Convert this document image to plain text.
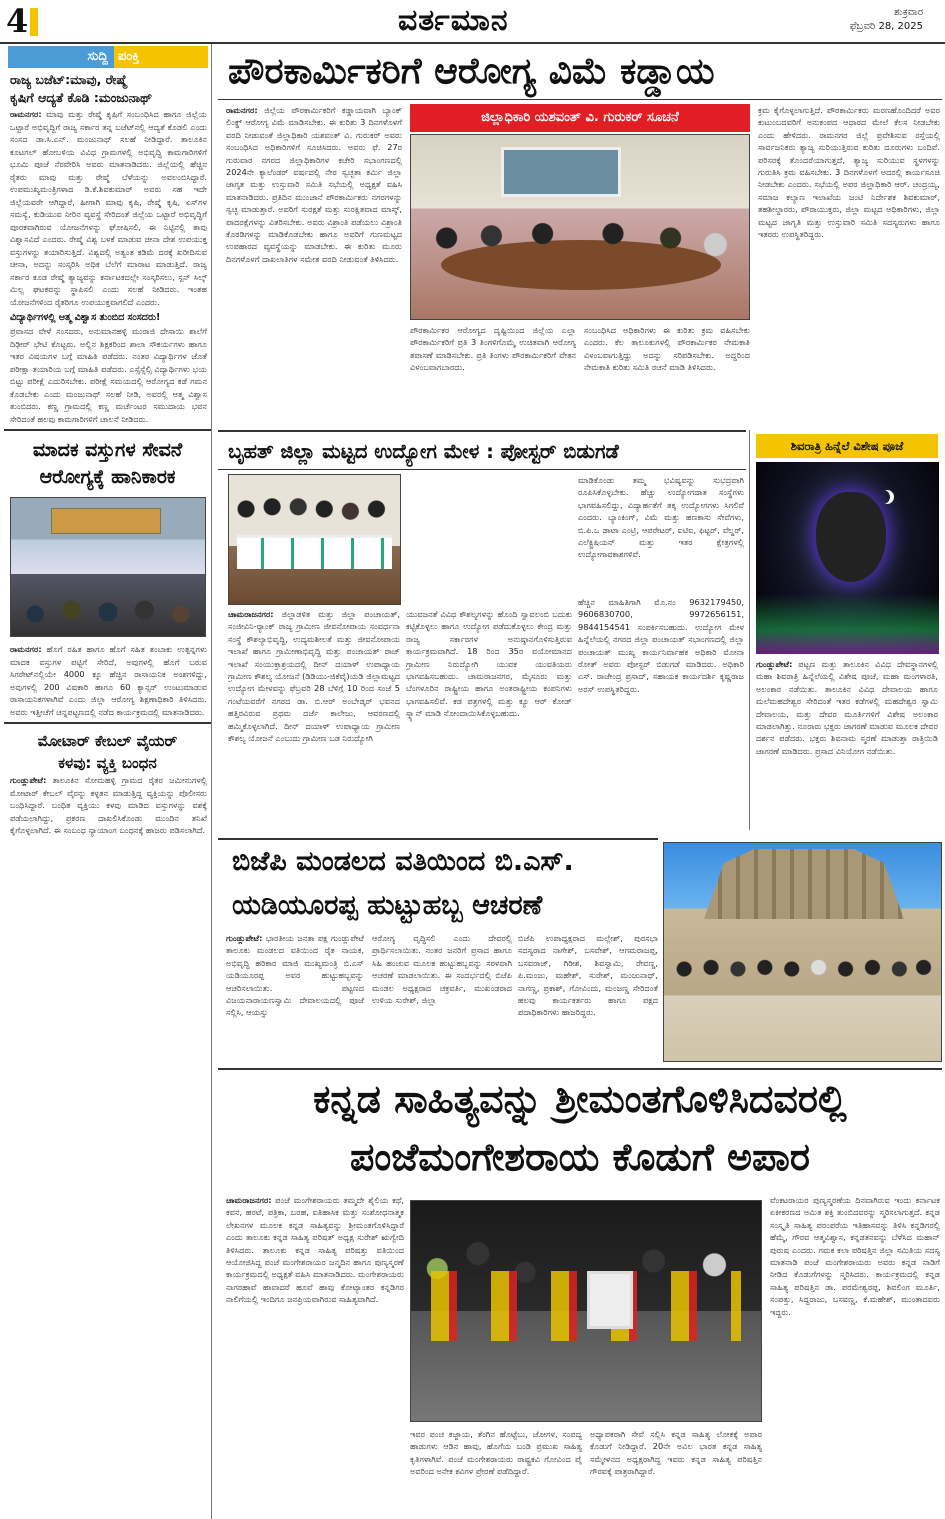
4	ವರ್ತಮಾನ	ಶುಕ್ರವಾರ
ಫೆಬ್ರವರಿ 28, 2025
ಸುದ್ದಿ ಪಂಕ್ತಿ
ರಾಜ್ಯ ಬಜೆಟ್:ಮಾವು, ರೇಷ್ಮೆ
ಕೃಷಿಗೆ ಆದ್ಯತೆ ಕೊಡಿ :ಮಂಜುನಾಥ್
ರಾಮನಗರ: ಮಾವು ಮತ್ತು ರೇಷ್ಮೆ ಕೃಷಿಗೆ ಸಂಬಂಧಿಸಿದ ಹಾಗೂ ಜಿಲ್ಲೆಯ ಒಟ್ಟಾರೆ ಅಭಿವೃದ್ಧಿಗೆ ರಾಜ್ಯ ಸರ್ಕಾರ ತನ್ನ ಬಜೆಟ್‌ನಲ್ಲಿ ಆದ್ಯತೆ ಕೊಡಲಿ ಎಂದು ಸಂಸದ ಡಾ.ಸಿ.ಎನ್. ಮಂಜುನಾಥ್ ಸಲಹೆ ನೀಡಿದ್ದಾರೆ. ತಾಲೂಕಿನ ಕೂಟಗಲ್ ಹೋಬಳಿಯ ವಿವಿಧ ಗ್ರಾಮಗಳಲ್ಲಿ ಅಭಿವೃದ್ಧಿ ಕಾಮಗಾರಿಗಳಿಗೆ ಭೂಮಿ ಪೂಜೆ ನೆರವೇರಿಸಿ ಅವರು ಮಾತನಾಡಿದರು. ಜಿಲ್ಲೆಯಲ್ಲಿ ಹೆಚ್ಚಿನ ರೈತರು ಮಾವು ಮತ್ತು ರೇಷ್ಮೆ ಬೆಳೆಯನ್ನು ಅವಲಂಬಿಸಿದ್ದಾರೆ. ಉಪಮುಖ್ಯಮಂತ್ರಿಗಳಾದ ಡಿ.ಕೆ.ಶಿವಕುಮಾರ್ ಅವರು ಸಹ ಇದೇ ಜಿಲ್ಲೆಯವರೇ ಆಗಿದ್ದಾರೆ, ಹೀಗಾಗಿ ಮಾವು ಕೃಷಿ, ರೇಷ್ಮೆ ಕೃಷಿ, ಏಸ್‌ಗಳ ಸಮಸ್ಯೆ, ಕುಡಿಯುವ ನೀರಿನ ವ್ಯವಸ್ಥೆ ಸೇರಿದಂತೆ ಜಿಲ್ಲೆಯ ಒಟ್ಟಾರೆ ಅಭಿವೃದ್ಧಿಗೆ ಪೂರಕವಾಗಿರುವ ಯೋಜನೆಗಳನ್ನು ಘೋಷಿಸಲಿ, ಈ ನಿಟ್ಟಿನಲ್ಲಿ ತಾವು ವಿಶ್ವಾಸವಿದೆ ಎಂದರು. ರೇಷ್ಮೆ ವಿಶ್ವ ಬಳಕೆ ಮಾಡುವ ಚೀನಾ ದೇಶ ಉಪಯುಕ್ತ ವಸ್ತುಗಳನ್ನು ತಯಾರಿಸುತ್ತಿದೆ. ವಿಶ್ವದಲ್ಲಿ ಅತ್ಯಂತ ಕಡಿಮೆ ದರಕ್ಕೆ ಖರೀದಿಸುವ ಚೀನಾ, ಅದನ್ನು ಸಂಸ್ಕರಿಸಿ ಅಧಿಕ ಬೆಲೆಗೆ ಮಾರಾಟ ಮಾಡುತ್ತಿದೆ. ರಾಜ್ಯ ಸರ್ಕಾರ ಕೂಡ ರೇಷ್ಮೆ ತ್ಯಾಜ್ಯವನ್ನು ಕರ್ನಾಟಕದಲ್ಲೇ ಸಂಸ್ಕರಿಸಲು, ಸ್ಪನ್ ಸಿಲ್ಕ್ ಮಿಲ್ಲ ಘಟಕವನ್ನು ಸ್ಥಾಪಿಸಲಿ ಎಂದು ಸಲಹೆ ನೀಡಿದರು. ಇಂತಹ ಯೋಜನೆಗಳಿಂದ ರೈತರಿಗೂ ಉಪಯುಕ್ತವಾಗಲಿದೆ ಎಂದರು.
ವಿದ್ಯಾರ್ಥಿಗಳಲ್ಲಿ ಆತ್ಮ ವಿಶ್ವಾಸ ತುಂಬಿದ ಸಂಸದರು!
ಪ್ರವಾಸದ ವೇಳೆ ಸಂಸದರು, ಅನುಮಾನಹಳ್ಳಿ ಮುರಾಜಿ ದೇಸಾಯಿ ಶಾಲೆಗೆ ದಿಢೀರ್ ಭೇಟಿ ಕೊಟ್ಟರು. ಅಲ್ಲಿನ ಶಿಕ್ಷಕರಿಂದ ಶಾಲಾ ಸೌಕರ್ಯಗಳು ಹಾಗೂ ಇತರ ವಿಷಯಗಳ ಬಗ್ಗೆ ಮಾಹಿತಿ ಪಡೆದರು. ನಂತರ ವಿದ್ಯಾರ್ಥಿಗಳ ಜೊತೆ ಪರೀಕ್ಷಾ ತಯಾರಿಯ ಬಗ್ಗೆ ಮಾಹಿತಿ ಪಡೆದರು. ಎಸ್ಸೆಸ್ಸೆಲ್ಸಿ ವಿದ್ಯಾರ್ಥಿಗಳು ಭಯ ಬಿಟ್ಟು ಪರೀಕ್ಷೆ ಎದುರಿಸಬೇಕು. ಪರೀಕ್ಷೆ ಸಮಯದಲ್ಲಿ ಆರೋಗ್ಯದ ಕಡೆ ಗಮನ ಕೊಡಬೇಕು ಎಂದು ಮಂಜುನಾಥ್ ಸಲಹೆ ನೀಡಿ, ಅವರಲ್ಲಿ ಆತ್ಮ ವಿಶ್ವಾಸ ತುಂಬಿದರು. ಕಣ್ಣ ಗ್ರಾಮದಲ್ಲಿ ಕಣ್ಣ ಮರ್ಚೆಂಟರ ಸಮುದಾಯ ಭವನ ಸೇರಿದಂತೆ ಹಲವು ಕಾಮಗಾರಿಗಳಿಗೆ ಚಾಲನೆ ನೀಡಿದರು.
ಮಾದಕ ವಸ್ತುಗಳ ಸೇವನೆ ಆರೋಗ್ಯಕ್ಕೆ ಹಾನಿಕಾರಕ
ರಾಮನಗರ: ಹೊಗೆ ರಹಿತ ಹಾಗೂ ಹೊಗೆ ಸಹಿತ ತಂಬಾಕು ಉತ್ಪನ್ನಗಳು ಮಾದಕ ವಸ್ತುಗಳ ಪಟ್ಟಿಗೆ ಸೇರಿದೆ, ಅವುಗಳಲ್ಲಿ ಹೊಗೆ ಬರುವ ಸಿಗರೇಟ್‌ನಲ್ಲಿಯೇ 4000 ಕ್ಕೂ ಹೆಚ್ಚಿನ ರಾಸಾಯನಿಕ ಅಂಶಗಳಿದ್ದು, ಅವುಗಳಲ್ಲಿ 200 ವಿಷಕಾರಿ ಹಾಗೂ 60 ಕ್ಯಾನ್ಸರ್ ಉಂಟುಮಾಡುವ ರಾಸಾಯನಿಕಗಳಾಗಿವೆ ಎಂದು ಜಿಲ್ಲಾ ಆರೋಗ್ಯ ಶಿಕ್ಷಣಾಧಿಕಾರಿ ತಿಳಿಸಿದರು. ಅವರು ಇತ್ತೀಚೆಗೆ ಚನ್ನಪಟ್ಟಣದಲ್ಲಿ ನಡೆದ ಕಾರ್ಯಕ್ರಮದಲ್ಲಿ ಮಾತನಾಡಿದರು.
ಮೋಟಾರ್ ಕೇಬಲ್ ವೈಯರ್
ಕಳವು: ವ್ಯಕ್ತಿ ಬಂಧನ
ಗುಂಡ್ಲುಪೇಟೆ: ತಾಲೂಕಿನ ಸೋಮಹಳ್ಳಿ ಗ್ರಾಮದ ರೈತರ ಜಮೀನುಗಳಲ್ಲಿ ಮೋಟಾರ್ ಕೇಬಲ್ ವೈರನ್ನು ಕಳ್ಳತನ ಮಾಡುತ್ತಿದ್ದ ವ್ಯಕ್ತಿಯನ್ನು ಪೊಲೀಸರು ಬಂಧಿಸಿದ್ದಾರೆ. ಬಂಧಿತ ವ್ಯಕ್ತಿಯು ಕಳವು ಮಾಡಿದ ವಸ್ತುಗಳನ್ನು ವಶಕ್ಕೆ ಪಡೆಯಲಾಗಿದ್ದು, ಪ್ರಕರಣ ದಾಖಲಿಸಿಕೊಂಡು ಮುಂದಿನ ತನಿಖೆ ಕೈಗೊಳ್ಳಲಾಗಿದೆ. ಈ ಸಂಬಂಧ ನ್ಯಾಯಾಂಗ ಬಂಧನಕ್ಕೆ ಹಾಜರು ಪಡಿಸಲಾಗಿದೆ.
ಪೌರಕಾರ್ಮಿಕರಿಗೆ ಆರೋಗ್ಯ ವಿಮೆ ಕಡ್ಡಾಯ
ರಾಮನಗರ: ಜಿಲ್ಲೆಯ ಪೌರಕಾರ್ಮಿಕರಿಗೆ ಕಡ್ಡಾಯವಾಗಿ ಬ್ಯಾಂಕ್ ಲಿಂಕ್ಡ್ ಆರೋಗ್ಯ ವಿಮೆ ಮಾಡಿಸಬೇಕು. ಈ ಕುರಿತು 3 ದಿನಗಳೊಳಗೆ ವರದಿ ನೀಡುವಂತೆ ಜಿಲ್ಲಾಧಿಕಾರಿ ಯಶವಂತ್ ವಿ. ಗುರುಕರ್ ಅವರು ಸಂಬಂಧಿಸಿದ ಅಧಿಕಾರಿಗಳಿಗೆ ಸೂಚಿಸಿದರು. ಅವರು ಫೆ. 27ರ ಗುರುವಾರ ನಗರದ ಜಿಲ್ಲಾಧಿಕಾರಿಗಳ ಕಚೇರಿ ಸಭಾಂಗಣದಲ್ಲಿ 2024ನೇ ಕ್ಯಾಲೆಂಡರ್ ವರ್ಷದಲ್ಲಿ ನೇರ ಸ್ವಚ್ಛತಾ ಕರ್ಮಿ ಜಿಲ್ಲಾ ಜಾಗೃತ ಮತ್ತು ಉಸ್ತುವಾರಿ ಸಮಿತಿ ಸಭೆಯಲ್ಲಿ ಅಧ್ಯಕ್ಷತೆ ವಹಿಸಿ ಮಾತನಾಡಿದರು. ಪ್ರತಿದಿನ ಮುಂಜಾನೆ ಪೌರಕಾರ್ಮಿಕರು ನಗರಗಳನ್ನು ಸ್ವಚ್ಛ ಮಾಡುತ್ತಾರೆ. ಅವರಿಗೆ ಸುರಕ್ಷತೆ ಮತ್ತು ಸುರಕ್ಷಿತವಾದ ಮಾಸ್ಕ್, ಪಾದರಕ್ಷೆಗಳನ್ನು ವಿತರಿಸಬೇಕು. ಅವರು ವಿಶ್ರಾಂತಿ ಪಡೆಯಲು ವಿಶ್ರಾಂತಿ ಕೊಠಡಿಗಳನ್ನು ಮಾಡಿಕೊಡಬೇಕು ಹಾಗೂ ಅವರಿಗೆ ಗುಣಮಟ್ಟದ ಉಪಹಾರದ ವ್ಯವಸ್ಥೆಯನ್ನು ಮಾಡಬೇಕು. ಈ ಕುರಿತು ಮೂರು ದಿನಗಳೊಳಗೆ ದಾಖಲಾತಿಗಳ ಸಮೇತ ವರದಿ ನೀಡುವಂತೆ ತಿಳಿಸಿದರು.
ಜಿಲ್ಲಾಧಿಕಾರಿ ಯಶವಂತ್ ವಿ. ಗುರುಕರ್ ಸೂಚನೆ
ಪೌರಕಾರ್ಮಿಕರ ಆರೋಗ್ಯದ ದೃಷ್ಟಿಯಿಂದ ಜಿಲ್ಲೆಯ ಎಲ್ಲಾ ಪೌರಕಾರ್ಮಿಕರಿಗೆ ಪ್ರತಿ 3 ತಿಂಗಳಿಗೊಮ್ಮೆ ಉಚಿತವಾಗಿ ಆರೋಗ್ಯ ತಪಾಸಣೆ ಮಾಡಿಸಬೇಕು. ಪ್ರತಿ ತಿಂಗಳು ಪೌರಕಾರ್ಮಿಕರಿಗೆ ವೇತನ ವಿಳಂಬವಾಗಬಾರದು.
ಸಂಬಂಧಿಸಿದ ಅಧಿಕಾರಿಗಳು ಈ ಕುರಿತು ಕ್ರಮ ವಹಿಸಬೇಕು ಎಂದರು. ಕೆಲ ತಾಲೂಕುಗಳಲ್ಲಿ ಪೌರಕಾರ್ಮಿಕರ ನೇಮಕಾತಿ ವಿಳಂಬವಾಗುತ್ತಿದ್ದು ಅದನ್ನು ಸರಿಪಡಿಸಬೇಕು. ಅದ್ದರಿಂದ ನೇಮಕಾತಿ ಕುರಿತು ಸಮಿತಿ ರಚನೆ ಮಾಡಿ ತಿಳಿಸಿದರು.
ಕ್ರಮ ಕೈಗೊಳ್ಳಲಾಗುತ್ತಿದೆ. ಪೌರಕಾರ್ಮಿಕರು ಮರಣಹೊಂದಿದರೆ ಅವರ ಕುಟುಂಬದವರಿಗೆ ಅನುಕಂಪದ ಆಧಾರದ ಮೇಲೆ ಕೆಲಸ ನೀಡಬೇಕು ಎಂದು ಹೇಳಿದರು. ರಾಮನಗರ ಜಿಲ್ಲೆ ಪ್ರವೇಶಿಸುವ ರಸ್ತೆಯಲ್ಲಿ ಸಾರ್ವಜನಿಕರು ತ್ಯಾಜ್ಯ ಸುರಿಯುತ್ತಿರುವ ಕುರಿತು ದೂರುಗಳು ಬಂದಿವೆ. ಪರಿಸರಕ್ಕೆ ತೊಂದರೆಯಾಗುತ್ತದೆ, ತ್ಯಾಜ್ಯ ಸುರಿಯುವ ಸ್ಥಳಗಳನ್ನು ಗುರುತಿಸಿ ಕ್ರಮ ವಹಿಸಬೇಕು. 3 ದಿನಗಳೊಳಗೆ ಅದರಲ್ಲಿ ಕಾರ್ಯಸೂಚಿ ನೀಡಬೇಕು ಎಂದರು. ಸಭೆಯಲ್ಲಿ ಅಪರ ಜಿಲ್ಲಾಧಿಕಾರಿ ಆರ್. ಚಂದ್ರಯ್ಯ, ಸಮಾಜ ಕಲ್ಯಾಣ ಇಲಾಖೆಯ ಜಂಟಿ ನಿರ್ದೇಶಕ ಶಿವಕುಮಾರ್, ತಹಶೀಲ್ದಾರರು, ಪೌರಾಯುಕ್ತರು, ಜಿಲ್ಲಾ ಮಟ್ಟದ ಅಧಿಕಾರಿಗಳು, ಜಿಲ್ಲಾ ಮಟ್ಟದ ಜಾಗೃತಿ ಮತ್ತು ಉಸ್ತುವಾರಿ ಸಮಿತಿ ಸದಸ್ಯರುಗಳು ಹಾಗೂ ಇತರರು ಉಪಸ್ಥಿತರಿದ್ದರು.
ಬೃಹತ್ ಜಿಲ್ಲಾ ಮಟ್ಟದ ಉದ್ಯೋಗ ಮೇಳ : ಪೋಸ್ಟರ್ ಬಿಡುಗಡೆ
ಮಾಡಿಕೊಂಡು ತಮ್ಮ ಭವಿಷ್ಯವನ್ನು ಸುಭದ್ರವಾಗಿ ರೂಪಿಸಿಕೊಳ್ಳಬೇಕು. ಹೆಚ್ಚು ಉದ್ಯೋಗದಾತ ಸಂಸ್ಥೆಗಳು ಭಾಗವಹಿಸಲಿದ್ದು, ವಿದ್ಯಾರ್ಹತೆಗೆ ತಕ್ಕ ಉದ್ಯೋಗಗಳು ಸಿಗಲಿವೆ ಎಂದರು. ಬ್ಯಾಂಕಿಂಗ್, ವಿಮೆ ಮತ್ತು ಹಣಕಾಸು ಸೇವೆಗಳು, ಬಿ.ಪಿ.ಒ ಡಾಟಾ ಎಂಟ್ರಿ, ಆಪರೇಟರ್, ಐಟಿಐ, ಫಿಟ್ಟರ್, ವೆಲ್ಡರ್, ಎಲೆಕ್ಟ್ರಿಷಿಯನ್ ಮತ್ತು ಇತರ ಕ್ಷೇತ್ರಗಳಲ್ಲಿ ಉದ್ಯೋಗಾವಕಾಶಗಳಿವೆ.
ಚಾಮರಾಜನಗರ: ಜಿಲ್ಲಾಡಳಿತ ಮತ್ತು ಜಿಲ್ಲಾ ಪಂಚಾಯತ್, ಸಂಜೀವಿನಿ-ರ‍್ಯಾಂಕ್ ರಾಜ್ಯ ಗ್ರಾಮೀಣ ಜೀವನೋಪಾಯ ಸಂವರ್ಧನಾ ಸಂಸ್ಥೆ ಕೌಶಲ್ಯಾಭಿವೃದ್ಧಿ, ಉದ್ಯಮಶೀಲತೆ ಮತ್ತು ಜೀವನೋಪಾಯ ಇಲಾಖೆ ಹಾಗೂ ಗ್ರಾಮೀಣಾಭಿವೃದ್ಧಿ ಮತ್ತು ಪಂಚಾಯತ್ ರಾಜ್ ಇಲಾಖೆ ಸಂಯುಕ್ತಾಶ್ರಯದಲ್ಲಿ ದೀನ್ ದಯಾಳ್ ಉಪಾಧ್ಯಾಯ ಗ್ರಾಮೀಣ ಕೌಶಲ್ಯ ಯೋಜನೆ (ಡಿಡಿಯು-ಜಿಕೆವೈ)ಯಡಿ ಜಿಲ್ಲಾಮಟ್ಟದ ಉದ್ಯೋಗ ಮೇಳವನ್ನು ಫೆಬ್ರವರಿ 28 ಬೆಳಿಗ್ಗೆ 10 ರಿಂದ ಸಂಜೆ 5 ಗಂಟೆಯವರೆಗೆ ನಗರದ ಡಾ. ಬಿ.ಆರ್ ಅಂಬೇಡ್ಕರ್ ಭವನದ ಹತ್ತಿರವಿರುವ ಪ್ರಥಮ ದರ್ಜೆ ಕಾಲೇಜು, ಆವರಣದಲ್ಲಿ ಹಮ್ಮಿಕೊಳ್ಳಲಾಗಿದೆ. ದೀನ್ ದಯಾಳ್ ಉಪಾಧ್ಯಾಯ ಗ್ರಾಮೀಣ ಕೌಶಲ್ಯ ಯೋಜನೆ ಎಂಬುದು ಗ್ರಾಮೀಣ ಬಡ ನಿರುದ್ಯೋಗಿ
ಯುವಜನತೆ ವಿವಿಧ ಕೌಶಲ್ಯಗಳನ್ನು ಹೊಂದಿ ಸ್ವಾವಲಂಬಿ ಬದುಕು ಕಟ್ಟಿಕೊಳ್ಳಲು ಹಾಗೂ ಉದ್ಯೋಗ ಪಡೆದುಕೊಳ್ಳಲು ಕೇಂದ್ರ ಮತ್ತು ರಾಜ್ಯ ಸರ್ಕಾರಗಳ ಅನುಷ್ಠಾನಗೊಳಿಸುತ್ತಿರುವ ಕಾರ್ಯಕ್ರಮವಾಗಿದೆ. 18 ರಿಂದ 35ರ ವಯೋಮಾನದ ಗ್ರಾಮೀಣ ನಿರುದ್ಯೋಗಿ ಯುವಕ ಯುವತಿಯರು ಭಾಗವಹಿಸಬಹುದು. ಚಾಮರಾಜನಗರ, ಮೈಸೂರು ಮತ್ತು ಬೆಂಗಳೂರಿನ ರಾಷ್ಟ್ರೀಯ ಹಾಗೂ ಅಂತರಾಷ್ಟ್ರೀಯ ಕಂಪನಿಗಳು ಭಾಗವಹಿಸಲಿವೆ. ಕಡ ಪತ್ರಗಳಲ್ಲಿ ಮತ್ತು ಕ್ಯೂ ಆರ್ ಕೋಡ್ ಸ್ಕ್ಯಾನ್ ಮಾಡಿ ನೋಂದಾಯಿಸಿಕೊಳ್ಳಬಹುದು.
ಹೆಚ್ಚಿನ ಮಾಹಿತಿಗಾಗಿ ಮೊ.ನಂ 9632179450, 9606830700, 9972656151, 9844154541 ಸಂಪರ್ಕಿಸಬಹುದು. ಉದ್ಯೋಗ ಮೇಳ ಹಿನ್ನೆಲೆಯಲ್ಲಿ ನಗರದ ಜಿಲ್ಲಾ ಪಂಚಾಯತ್ ಸಭಾಂಗಣದಲ್ಲಿ ಜಿಲ್ಲಾ ಪಂಚಾಯತ್ ಮುಖ್ಯ ಕಾರ್ಯನಿರ್ವಾಹಕ ಅಧಿಕಾರಿ ಮೋನಾ ರೋತ್ ಅವರು ಪೋಸ್ಟರ್ ಬಿಡುಗಡೆ ಮಾಡಿದರು. ಅಧಿಕಾರಿ ಎಸ್. ರಾಜೇಂದ್ರ ಪ್ರಸಾದ್, ಸಹಾಯಕ ಕಾರ್ಯದರ್ಶಿ ಕೃಷ್ಣರಾಜ ಅರಸ್ ಉಪಸ್ಥಿತರಿದ್ದರು.
ಶಿವರಾತ್ರಿ ಹಿನ್ನೆಲೆ ವಿಶೇಷ ಪೂಜೆ
ಗುಂಡ್ಲುಪೇಟೆ: ಪಟ್ಟಣ ಮತ್ತು ತಾಲೂಕಿನ ವಿವಿಧ ದೇವಸ್ಥಾನಗಳಲ್ಲಿ ಮಹಾ ಶಿವರಾತ್ರಿ ಹಿನ್ನೆಲೆಯಲ್ಲಿ ವಿಶೇಷ ಪೂಜೆ, ಮಹಾ ಮಂಗಳಾರತಿ, ಅಲಂಕಾರ ನಡೆಯಿತು. ತಾಲೂಕಿನ ವಿವಿಧ ದೇವಾಲಯ ಹಾಗೂ ಮಲೆಮಹದೇಶ್ವರ ಸೇರಿದಂತೆ ಇತರ ಕಡೆಗಳಲ್ಲಿ ಮಹದೇಶ್ವರ ಸ್ವಾಮಿ ದೇವಾಲಯ, ಮತ್ತು ದೇವರ ಮೂರ್ತಿಗಳಿಗೆ ವಿಶೇಷ ಅಲಂಕಾರ ಮಾಡಲಾಗಿತ್ತು. ನೂರಾರು ಭಕ್ತರು ಜಾಗರಣೆ ಮಾಡುವ ಮೂಲಕ ದೇವರ ದರ್ಶನ ಪಡೆದರು. ಭಕ್ತರು ಶಿವನಾಮ ಸ್ಮರಣೆ ಮಾಡುತ್ತಾ ರಾತ್ರಿಯಿಡಿ ಜಾಗರಣೆ ಮಾಡಿದರು. ಪ್ರಸಾದ ವಿನಿಯೋಗ ನಡೆಯಿತು.
ಬಿಜೆಪಿ ಮಂಡಲದ ವತಿಯಿಂದ ಬಿ.ಎಸ್. ಯಡಿಯೂರಪ್ಪ ಹುಟ್ಟುಹಬ್ಬ ಆಚರಣೆ
ಗುಂಡ್ಲುಪೇಟೆ: ಭಾರತೀಯ ಜನತಾ ಪಕ್ಷ ಗುಂಡ್ಲುಪೇಟೆ ತಾಲೂಕು ಮಂಡಲದ ವತಿಯಿಂದ ರೈತ ನಾಯಕ, ಅಭಿವೃದ್ಧಿ ಹರಿಕಾರ ಮಾಜಿ ಮುಖ್ಯಮಂತ್ರಿ ಬಿ.ಎಸ್ ಯಡಿಯೂರಪ್ಪ ಅವರ ಹುಟ್ಟುಹಬ್ಬವನ್ನು ಆಚರಿಸಲಾಯಿತು. ಪಟ್ಟಣದ ವಿಜಯನಾರಾಯಣಸ್ವಾಮಿ ದೇವಾಲಯದಲ್ಲಿ ಪೂಜೆ ಸಲ್ಲಿಸಿ, ಆಯಸ್ಸು
ಆರೋಗ್ಯ ವೃದ್ಧಿಸಲಿ ಎಂದು ದೇವರಲ್ಲಿ ಪ್ರಾರ್ಥಿಸಲಾಯಿತು. ನಂತರ ಜನರಿಗೆ ಪ್ರಸಾದ ಹಾಗೂ ಸಿಹಿ ಹಂಚುವ ಮೂಲಕ ಹುಟ್ಟುಹಬ್ಬವನ್ನು ಸರಳವಾಗಿ ಆಚರಣೆ ಮಾಡಲಾಯಿತು. ಈ ಸಂದರ್ಭದಲ್ಲಿ ಬಿಜೆಪಿ ಮಂಡಲ ಅಧ್ಯಕ್ಷರಾದ ಚಕ್ರವರ್ತಿ, ಮುಖಂಡರಾದ ಉಳಿಯ ಸುರೇಶ್, ಜಿಲ್ಲಾ
ಬಿಜೆಪಿ ಉಪಾಧ್ಯಕ್ಷರಾದ ಮಲ್ಲೇಶ್, ಪುರಸಭಾ ಸದಸ್ಯರಾದ ನಾಗೇಶ್, ಬಸವೇಶ್, ಆಗಮರಾಜಪ್ಪ, ಬಸವರಾಜ್, ಗಿರೀಶ, ಶಿವಸ್ವಾಮಿ, ರೇವಣ್ಣ, ಪಿ.ಮಂಜು, ಮಹೇಶ್, ಸುರೇಶ್, ಮಂಜುನಾಥ್, ನಾಗಣ್ಣ, ಪ್ರಕಾಶ್, ಗೋವಿಂದು, ಮಂಜಣ್ಣ ಸೇರಿದಂತೆ ಹಲವು ಕಾರ್ಯಕರ್ತರು ಹಾಗೂ ಪಕ್ಷದ ಪದಾಧಿಕಾರಿಗಳು ಹಾಜರಿದ್ದರು.
ಕನ್ನಡ ಸಾಹಿತ್ಯವನ್ನು ಶ್ರೀಮಂತಗೊಳಿಸಿದವರಲ್ಲಿ
ಪಂಜೆಮಂಗೇಶರಾಯ ಕೊಡುಗೆ ಅಪಾರ
ಚಾಮರಾಜನಗರ: ಪಂಜೆ ಮಂಗೇಶರಾಯರು ತಮ್ಮದೇ ಶೈಲಿಯ ಕಥೆ, ಕವನ, ಹರಟೆ, ಪತ್ರಿಕಾ, ಬರಹ, ಐತಿಹಾಸಿಕ ಮತ್ತು ಸಂಶೋಧನಾತ್ಮಕ ಲೇಖನಗಳ ಮೂಲಕ ಕನ್ನಡ ಸಾಹಿತ್ಯವನ್ನು ಶ್ರೀಮಂತಗೊಳಿಸಿದ್ದಾರೆ ಎಂದು ತಾಲೂಕು ಕನ್ನಡ ಸಾಹಿತ್ಯ ಪರಿಷತ್ ಅಧ್ಯಕ್ಷ ಸುರೇಶ್ ಋಗ್ವೇದಿ ತಿಳಿಸಿದರು. ತಾಲೂಕು ಕನ್ನಡ ಸಾಹಿತ್ಯ ಪರಿಷತ್ತು ವತಿಯಿಂದ ಆಯೋಜಿಸಿದ್ದ ಪಂಜೆ ಮಂಗೇಶರಾಯರ ಜನ್ಮದಿನ ಹಾಗೂ ಪುಣ್ಯಸ್ಮರಣೆ ಕಾರ್ಯಕ್ರಮದಲ್ಲಿ ಅಧ್ಯಕ್ಷತೆ ವಹಿಸಿ ಮಾತನಾಡಿದರು. ಮಂಗೇಶರಾಯರು ನಾಗರಹಾವೆ ಹಾವಾದರೆ ಹೂವೆ ಹಾವು ಕೋಟ್ಯಾಂತರ ಕನ್ನಡಿಗರ ನಾಲಿಗೆಯಲ್ಲಿ ಇಂದಿಗೂ ಜನಪ್ರಿಯವಾಗಿರುವ ಸಾಹಿತ್ಯವಾಗಿದೆ.
ಇವರ ಪಂಚ ಕಜ್ಜಾಯ, ತೆಂಗಿನ ಹೊಟ್ಟೆಬು, ಜೋಗಳ, ಸಂಪದ್ಯ ಹಾಡುಗಳು ಆಡಿನ ಹಾವು, ಹೊಗೆಯ ಬಂಡಿ ಪ್ರಮುಖ ಸಾಹಿತ್ಯ ಕೃತಿಗಳಾಗಿವೆ. ಪಂಜೆ ಮಂಗೇಶರಾಯರು ರಾಷ್ಟ್ರಕವಿ ಗೋವಿಂದ ಪೈ ಅವರಿಂದ ಅನೇಕ ಕವಿಗಳ ಪ್ರೇರಣೆ ಪಡೆದಿದ್ದಾರೆ.
ಅಧ್ಯಾಪಕರಾಗಿ ಸೇವೆ ಸಲ್ಲಿಸಿ ಕನ್ನಡ ಸಾಹಿತ್ಯ ಲೋಕಕ್ಕೆ ಅಪಾರ ಕೊಡುಗೆ ನೀಡಿದ್ದಾರೆ. 20ನೇ ಅವಿಲ ಭಾರತ ಕನ್ನಡ ಸಾಹಿತ್ಯ ಸಮ್ಮೇಳನದ ಅಧ್ಯಕ್ಷರಾಗಿದ್ದ ಇವರು ಕನ್ನಡ ಸಾಹಿತ್ಯ ಪರಿಷತ್ತಿನ ಗೌರವಕ್ಕೆ ಪಾತ್ರರಾಗಿದ್ದಾರೆ.
ವೆಂಕಟರಾಯರ ಪುಣ್ಯಸ್ಮರಣೆಯ ದಿನವಾಗಿರುವ ಇಂದು ಕರ್ನಾಟಕ ಏಕೀಕರಣದ ಅಮಿತ ಶಕ್ತಿ ತುಂಬಿದವರನ್ನು ಸ್ಮರಿಸಲಾಗುತ್ತದೆ. ಕನ್ನಡ ಸಂಸ್ಕೃತಿ ಸಾಹಿತ್ಯ ಪರಂಪರೆಯ ಇತಿಹಾಸವನ್ನು ತಿಳಿಸಿ ಕನ್ನಡಿಗರಲ್ಲಿ ಹೆಮ್ಮೆ, ಗೌರವ ಆತ್ಮವಿಶ್ವಾಸ, ಕನ್ನಡತನವನ್ನು ಬೆಳೆಸಿದ ಮಹಾನ್ ಪುರುಷ ಎಂದರು. ಗಮಕ ಕಲಾ ಪರಿಷತ್ತಿನ ಜಿಲ್ಲಾ ಸಮಿತಿಯ ಸದಸ್ಯ ಮಾತನಾಡಿ ಪಂಜೆ ಮಂಗೇಶರಾಯರು ಅವರು ಕನ್ನಡ ನಾಡಿಗೆ ನೀಡಿದ ಕೊಡುಗೆಗಳನ್ನು ಸ್ಮರಿಸಿದರು. ಕಾರ್ಯಕ್ರಮದಲ್ಲಿ ಕನ್ನಡ ಸಾಹಿತ್ಯ ಪರಿಷತ್ತಿನ ಡಾ. ಪರಮೇಶ್ವರಪ್ಪ, ಶಿವಲಿಂಗ ಮೂರ್ತಿ, ಸಂಪತ್ತು, ಸಿದ್ದರಾಜು, ಬಸವಣ್ಣ, ಕೆ.ಮಹೇಶ್, ಮುಂತಾದವರು ಇದ್ದರು.
